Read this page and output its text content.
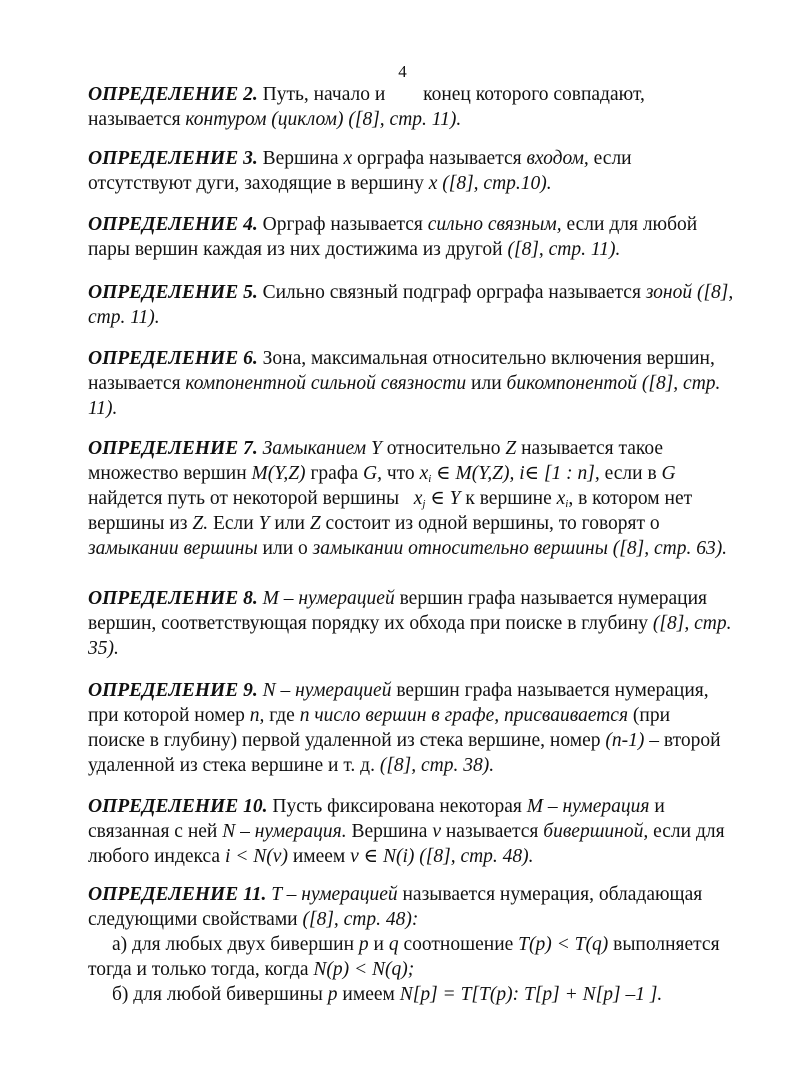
4
ОПРЕДЕЛЕНИЕ 2. Путь, начало и конец которого совпадают,
называется контуром (циклом) ([8], стр. 11).
ОПРЕДЕЛЕНИЕ 3. Вершина x орграфа называется входом, если
отсутствуют дуги, заходящие в вершину x ([8], стр.10).
ОПРЕДЕЛЕНИЕ 4. Орграф называется сильно связным, если для любой
пары вершин каждая из них достижима из другой ([8], стр. 11).
ОПРЕДЕЛЕНИЕ 5. Сильно связный подграф орграфа называется зоной ([8],
стр. 11).
ОПРЕДЕЛЕНИЕ 6. Зона, максимальная относительно включения вершин,
называется компонентной сильной связности или бикомпонентой ([8], стр.
11).
ОПРЕДЕЛЕНИЕ 7. Замыканием Y относительно Z называется такое
множество вершин M(Y,Z) графа G, что $x_i$ ∈ M(Y,Z), i∈ [1 : n], если в G
найдется путь от некоторой вершины $x_j$ ∈ Y к вершине $x_i$, в котором нет
вершины из Z. Если Y или Z состоит из одной вершины, то говорят о
замыкании вершины или о замыкании относительно вершины ([8], стр. 63).
ОПРЕДЕЛЕНИЕ 8. M – нумерацией вершин графа называется нумерация
вершин, соответствующая порядку их обхода при поиске в глубину ([8], стр.
35).
ОПРЕДЕЛЕНИЕ 9. N – нумерацией вершин графа называется нумерация,
при которой номер n, где n число вершин в графе, присваивается (при
поиске в глубину) первой удаленной из стека вершине, номер (n-1) – второй
удаленной из стека вершине и т. д. ([8], стр. 38).
ОПРЕДЕЛЕНИЕ 10. Пусть фиксирована некоторая M – нумерация и
связанная с ней N – нумерация. Вершина v называется бивершиной, если для
любого индекса i < N(v) имеем v ∈ N(i) ([8], стр. 48).
ОПРЕДЕЛЕНИЕ 11. T – нумерацией называется нумерация, обладающая
следующими свойствами ([8], стр. 48):
а) для любых двух бивершин p и q соотношение T(p) < T(q) выполняется
тогда и только тогда, когда N(p) < N(q);
б) для любой бивершины p имеем N[p] = T[T(p): T[p] + N[p] –1 ].
